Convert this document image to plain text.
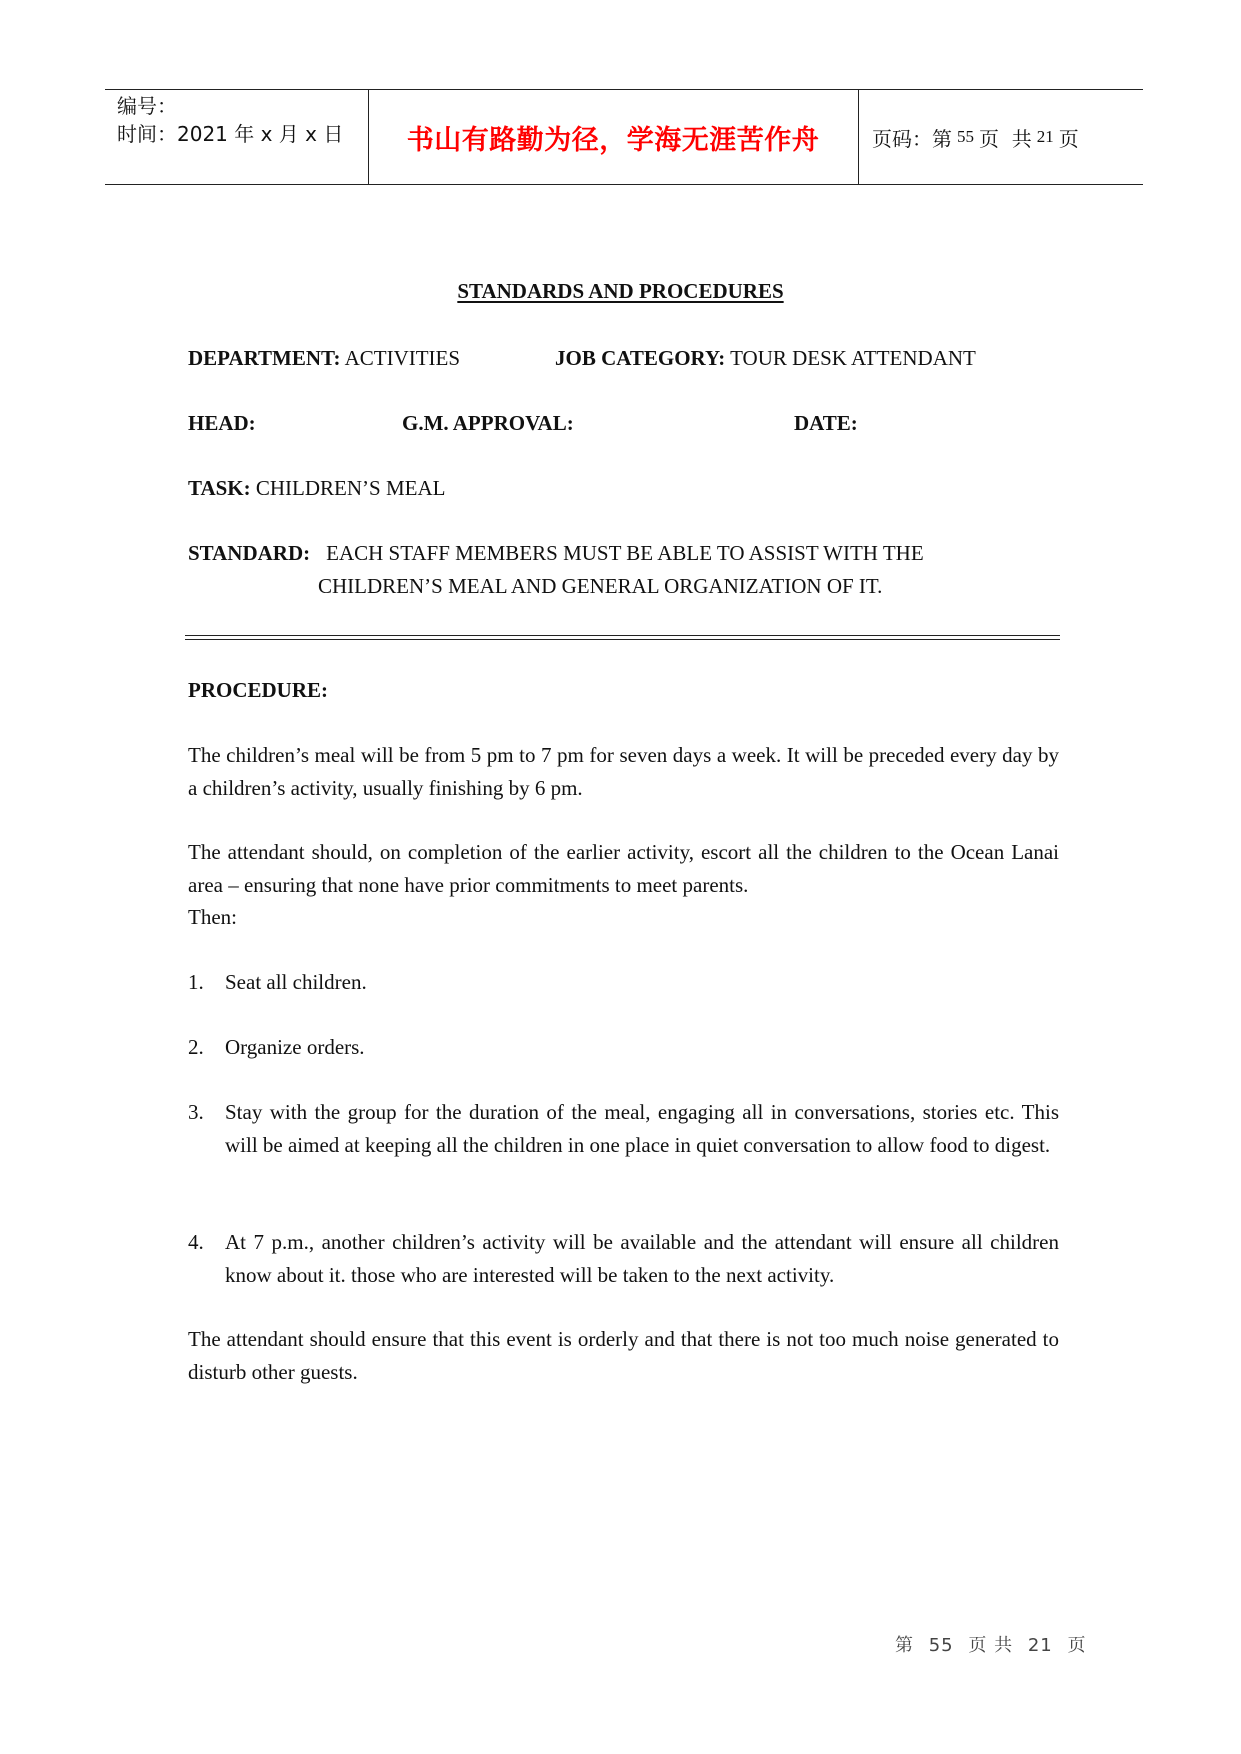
编号：
时间：2021 年 x 月 x 日	书山有路勤为径，学海无涯苦作舟	页码：第 55 页  共 21 页
STANDARDS AND PROCEDURES
DEPARTMENT: ACTIVITIES	JOB CATEGORY: TOUR DESK ATTENDANT
HEAD:	G.M. APPROVAL:	DATE:
TASK: CHILDREN’S MEAL
STANDARD: EACH STAFF MEMBERS MUST BE ABLE TO ASSIST WITH THE
CHILDREN’S MEAL AND GENERAL ORGANIZATION OF IT.
PROCEDURE:
The children’s meal will be from 5 pm to 7 pm for seven days a week. It will be preceded every day by a children’s activity, usually finishing by 6 pm.
The attendant should, on completion of the earlier activity, escort all the children to the Ocean Lanai area – ensuring that none have prior commitments to meet parents.
Then:
1. Seat all children.
2. Organize orders.
3. Stay with the group for the duration of the meal, engaging all in conversations, stories etc. This will be aimed at keeping all the children in one place in quiet conversation to allow food to digest.
4. At 7 p.m., another children’s activity will be available and the attendant will ensure all children know about it. those who are interested will be taken to the next activity.
The attendant should ensure that this event is orderly and that there is not too much noise generated to disturb other guests.
第 55 页 共 21 页
